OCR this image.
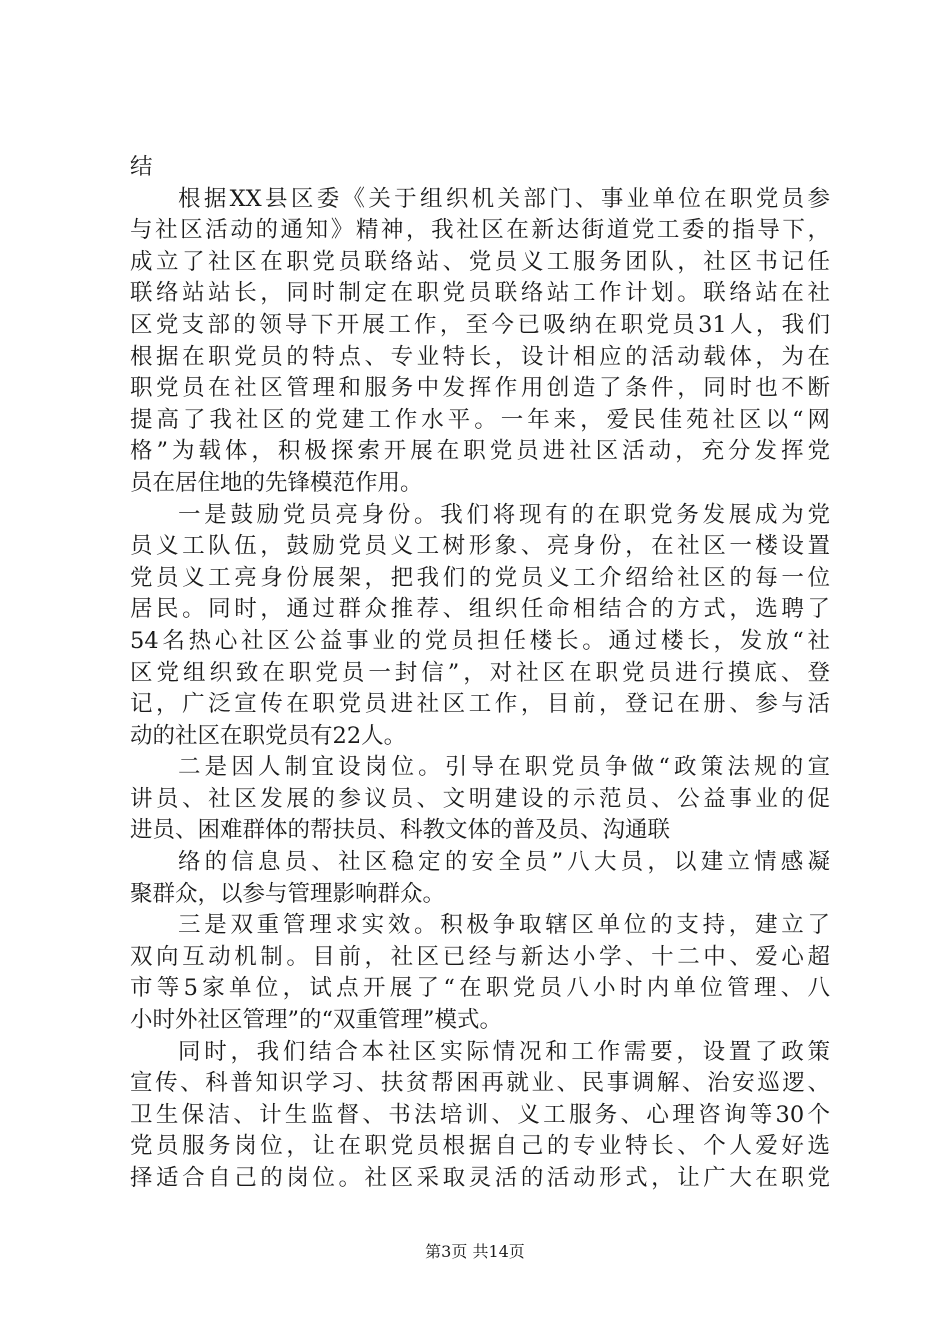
结
根据XX县区委《关于组织机关部门、事业单位在职党员参
与社区活动的通知》精神，我社区在新达街道党工委的指导下，
成立了社区在职党员联络站、党员义工服务团队，社区书记任
联络站站长，同时制定在职党员联络站工作计划。联络站在社
区党支部的领导下开展工作，至今已吸纳在职党员31人，我们
根据在职党员的特点、专业特长，设计相应的活动载体，为在
职党员在社区管理和服务中发挥作用创造了条件，同时也不断
提高了我社区的党建工作水平。一年来，爱民佳苑社区以“网
格”为载体，积极探索开展在职党员进社区活动，充分发挥党
员在居住地的先锋模范作用。
一是鼓励党员亮身份。我们将现有的在职党务发展成为党
员义工队伍，鼓励党员义工树形象、亮身份，在社区一楼设置
党员义工亮身份展架，把我们的党员义工介绍给社区的每一位
居民。同时，通过群众推荐、组织任命相结合的方式，选聘了
54名热心社区公益事业的党员担任楼长。通过楼长，发放“社
区党组织致在职党员一封信”，对社区在职党员进行摸底、登
记，广泛宣传在职党员进社区工作，目前，登记在册、参与活
动的社区在职党员有22人。
二是因人制宜设岗位。引导在职党员争做“政策法规的宣
讲员、社区发展的参议员、文明建设的示范员、公益事业的促
进员、困难群体的帮扶员、科教文体的普及员、沟通联
络的信息员、社区稳定的安全员”八大员，以建立情感凝
聚群众，以参与管理影响群众。
三是双重管理求实效。积极争取辖区单位的支持，建立了
双向互动机制。目前，社区已经与新达小学、十二中、爱心超
市等5家单位，试点开展了“在职党员八小时内单位管理、八
小时外社区管理”的“双重管理”模式。
同时，我们结合本社区实际情况和工作需要，设置了政策
宣传、科普知识学习、扶贫帮困再就业、民事调解、治安巡逻、
卫生保洁、计生监督、书法培训、义工服务、心理咨询等30个
党员服务岗位，让在职党员根据自己的专业特长、个人爱好选
择适合自己的岗位。社区采取灵活的活动形式，让广大在职党
第3页 共14页
